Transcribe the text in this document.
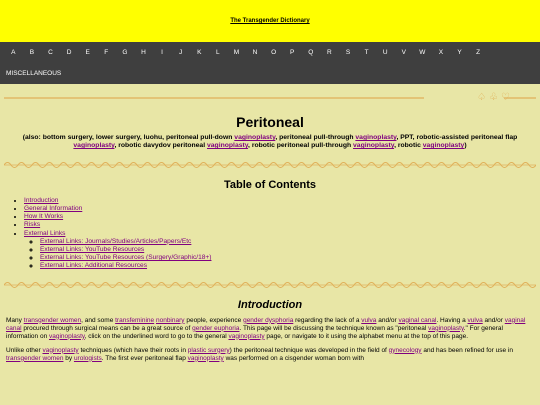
The Transgender Dictionary
A	B	C	D	E	F	G	H	I	J	K	L	M	N	O	P	Q	R	S	T	U	V	W	X	Y	Z
MISCELLANEOUS
♤ ♧ ♡
Peritoneal

(also: bottom surgery, lower surgery, luohu, peritoneal pull-down vaginoplasty, peritoneal pull-through vaginoplasty, PPT, robotic-assisted peritoneal flap vaginoplasty, robotic davydov peritoneal vaginoplasty, robotic peritoneal pull-through vaginoplasty, robotic vaginoplasty)

Table of Contents
• Introduction
• General Information
• How It Works
• Risks
• External Links
◦ External Links: Journals/Studies/Articles/Papers/Etc
◦ External Links: YouTube Resources
◦ External Links: YouTube Resources (Surgery/Graphic/18+)
◦ External Links: Additional Resources
Introduction

Many transgender women, and some transfeminine nonbinary people, experience gender dysphoria regarding the lack of a vulva and/or vaginal canal. Having a vulva and/or vaginal canal procured through surgical means can be a great source of gender euphoria. This page will be discussing the technique known as "peritoneal vaginoplasty." For general information on vaginoplasty, click on the underlined word to go to the general vaginoplasty page, or navigate to it using the alphabet menu at the top of this page.

Unlike other vaginoplasty techniques (which have their roots in plastic surgery) the peritoneal technique was developed in the field of gynecology and has been refined for use in transgender women by urologists. The first ever peritoneal flap vaginoplasty was performed on a cisgender woman born with
